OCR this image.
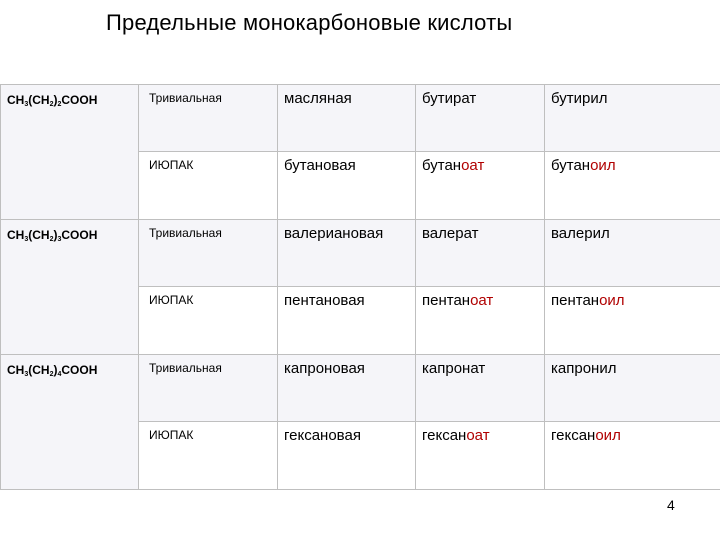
Предельные монокарбоновые кислоты
$CH_3(CH_2)_2COOH$	Тривиальная	масляная	бутират	бутирил
	ИЮПАК	бутановая	бутаноат	бутаноил
$CH_3(CH_2)_3COOH$	Тривиальная	валериановая	валерат	валерил
	ИЮПАК	пентановая	пентаноат	пентаноил
$CH_3(CH_2)_4COOH$	Тривиальная	капроновая	капронат	капронил
	ИЮПАК	гексановая	гексаноат	гексаноил
4
